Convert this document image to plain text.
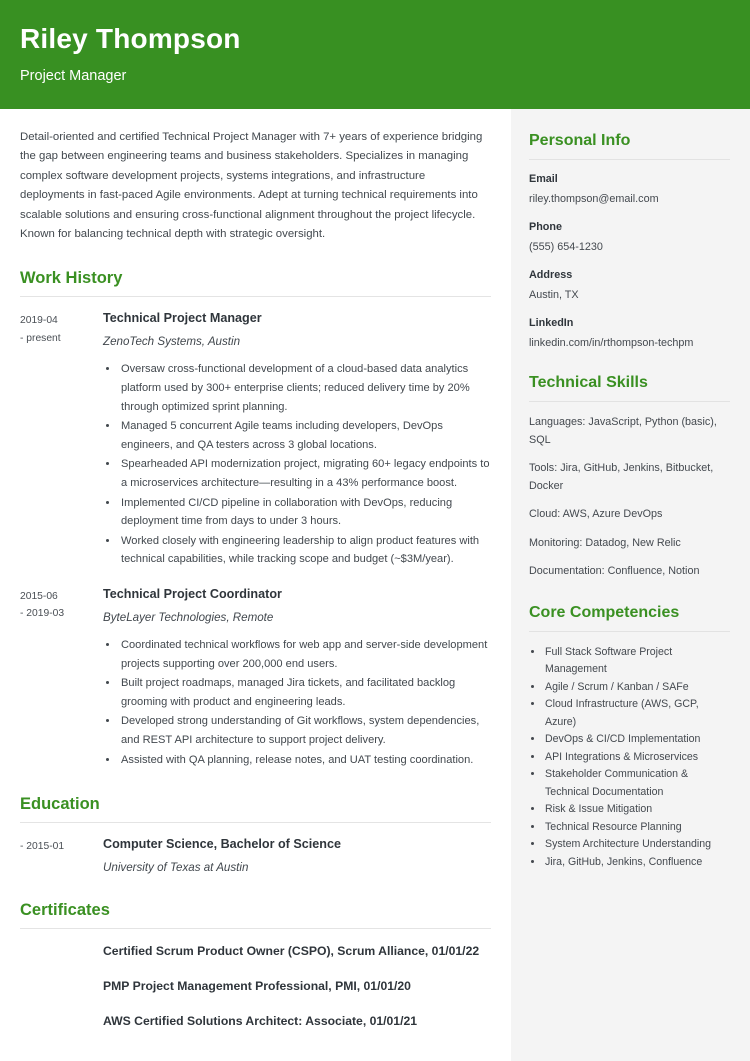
Riley Thompson
Project Manager
Detail-oriented and certified Technical Project Manager with 7+ years of experience bridging the gap between engineering teams and business stakeholders. Specializes in managing complex software development projects, systems integrations, and infrastructure deployments in fast-paced Agile environments. Adept at turning technical requirements into scalable solutions and ensuring cross-functional alignment throughout the project lifecycle. Known for balancing technical depth with strategic oversight.
Work History
2019-04
- present
Technical Project Manager
ZenoTech Systems, Austin
• Oversaw cross-functional development of a cloud-based data analytics platform used by 300+ enterprise clients; reduced delivery time by 20% through optimized sprint planning.
• Managed 5 concurrent Agile teams including developers, DevOps engineers, and QA testers across 3 global locations.
• Spearheaded API modernization project, migrating 60+ legacy endpoints to a microservices architecture—resulting in a 43% performance boost.
• Implemented CI/CD pipeline in collaboration with DevOps, reducing deployment time from days to under 3 hours.
• Worked closely with engineering leadership to align product features with technical capabilities, while tracking scope and budget (~$3M/year).
2015-06
- 2019-03
Technical Project Coordinator
ByteLayer Technologies, Remote
• Coordinated technical workflows for web app and server-side development projects supporting over 200,000 end users.
• Built project roadmaps, managed Jira tickets, and facilitated backlog grooming with product and engineering leads.
• Developed strong understanding of Git workflows, system dependencies, and REST API architecture to support project delivery.
• Assisted with QA planning, release notes, and UAT testing coordination.
Education
- 2015-01	Computer Science, Bachelor of Science
University of Texas at Austin
Certificates
Certified Scrum Product Owner (CSPO), Scrum Alliance, 01/01/22
PMP Project Management Professional, PMI, 01/01/20
AWS Certified Solutions Architect: Associate, 01/01/21
Personal Info
Email
riley.thompson@email.com
Phone
(555) 654-1230
Address
Austin, TX
LinkedIn
linkedin.com/in/rthompson-techpm
Technical Skills
Languages: JavaScript, Python (basic), SQL
Tools: Jira, GitHub, Jenkins, Bitbucket, Docker
Cloud: AWS, Azure DevOps
Monitoring: Datadog, New Relic
Documentation: Confluence, Notion
Core Competencies
• Full Stack Software Project Management
• Agile / Scrum / Kanban / SAFe
• Cloud Infrastructure (AWS, GCP, Azure)
• DevOps & CI/CD Implementation
• API Integrations & Microservices
• Stakeholder Communication & Technical Documentation
• Risk & Issue Mitigation
• Technical Resource Planning
• System Architecture Understanding
• Jira, GitHub, Jenkins, Confluence
